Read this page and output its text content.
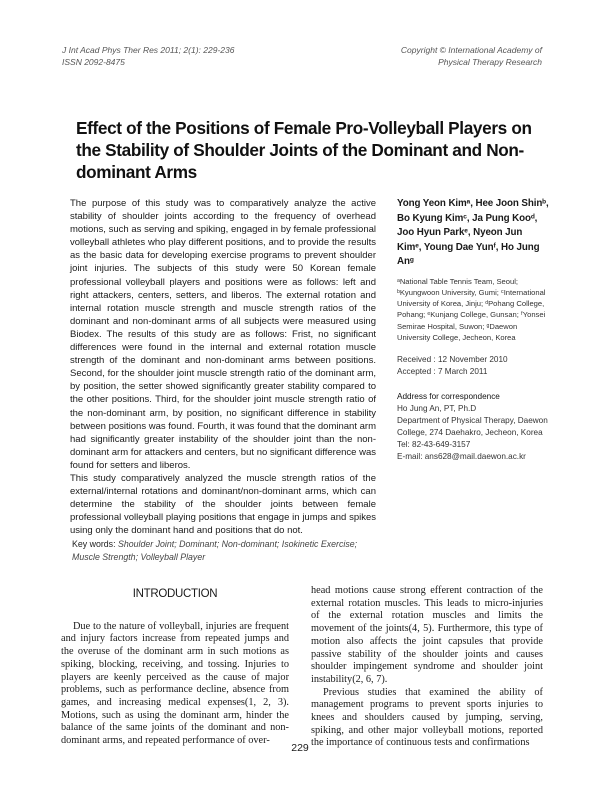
J Int Acad Phys Ther Res 2011; 2(1): 229-236
ISSN 2092-8475
Copyright © International Academy of
Physical Therapy Research
Effect of the Positions of Female Pro-Volleyball Players on the Stability of Shoulder Joints of the Dominant and Non-dominant Arms

The purpose of this study was to comparatively analyze the active stability of shoulder joints according to the frequency of overhead motions, such as serving and spiking, engaged in by female professional volleyball athletes who play different positions, and to provide the results as the basic data for developing exercise programs to prevent shoulder joint injuries. The subjects of this study were 50 Korean female professional volleyball players and positions were as follows: left and right attackers, centers, setters, and liberos. The external rotation and internal rotation muscle strength and muscle strength ratios of the dominant and non-dominant arms of all subjects were measured using Biodex. The results of this study are as follows: Frist, no significant differences were found in the internal and external rotation muscle strength of the dominant and non-dominant arms between positions. Second, for the shoulder joint muscle strength ratio of the dominant arm, by position, the setter showed significantly greater stability compared to the other positions. Third, for the shoulder joint muscle strength ratio of the non-dominant arm, by position, no significant difference in stability between positions was found. Fourth, it was found that the dominant arm had significantly greater instability of the shoulder joint than the non-dominant arm for attackers and centers, but no significant difference was found for setters and liberos.

This study comparatively analyzed the muscle strength ratios of the external/internal rotations and dominant/non-dominant arms, which can determine the stability of the shoulder joints between female professional volleyball playing positions that engage in jumps and spikes using only the dominant hand and positions that do not.

Yong Yeon Kimᵃ, Hee Joon Shinᵇ, Bo Kyung Kimᶜ, Ja Pung Kooᵈ, Joo Hyun Parkᵉ, Nyeon Jun Kimᵉ, Young Dae Yunᶠ, Ho Jung Anᵍ

ᵃNational Table Tennis Team, Seoul; ᵇKyungwoon University, Gumi; ᶜInternational University of Korea, Jinju; ᵈPohang College, Pohang; ᵉKunjang College, Gunsan; ᶠYonsei Semirae Hospital, Suwon; ᵍDaewon University College, Jecheon, Korea

Received : 12 November 2010
Accepted : 7 March 2011
Address for correspondence
Ho Jung An, PT, Ph.D
Department of Physical Therapy, Daewon College, 274 Daehakro, Jecheon, Korea
Tel: 82-43-649-3157
E-mail: ans628@mail.daewon.ac.kr
Key words: Shoulder Joint; Dominant; Non-dominant; Isokinetic Exercise; Muscle Strength; Volleyball Player
INTRODUCTION

Due to the nature of volleyball, injuries are frequent and injury factors increase from repeated jumps and the overuse of the dominant arm in such motions as spiking, blocking, receiving, and tossing. Injuries to players are keenly perceived as the cause of major problems, such as performance decline, absence from games, and increasing medical expenses(1, 2, 3). Motions, such as using the dominant arm, hinder the balance of the same joints of the dominant and non-dominant arms, and repeated performance of over-

head motions cause strong efferent contraction of the external rotation muscles. This leads to micro-injuries of the external rotation muscles and limits the movement of the joints(4, 5). Furthermore, this type of motion also affects the joint capsules that provide passive stability of the shoulder joints and causes shoulder impingement syndrome and shoulder joint instability(2, 6, 7).

Previous studies that examined the ability of management programs to prevent sports injuries to knees and shoulders caused by jumping, serving, spiking, and other major volleyball motions, reported the importance of continuous tests and confirmations

229
